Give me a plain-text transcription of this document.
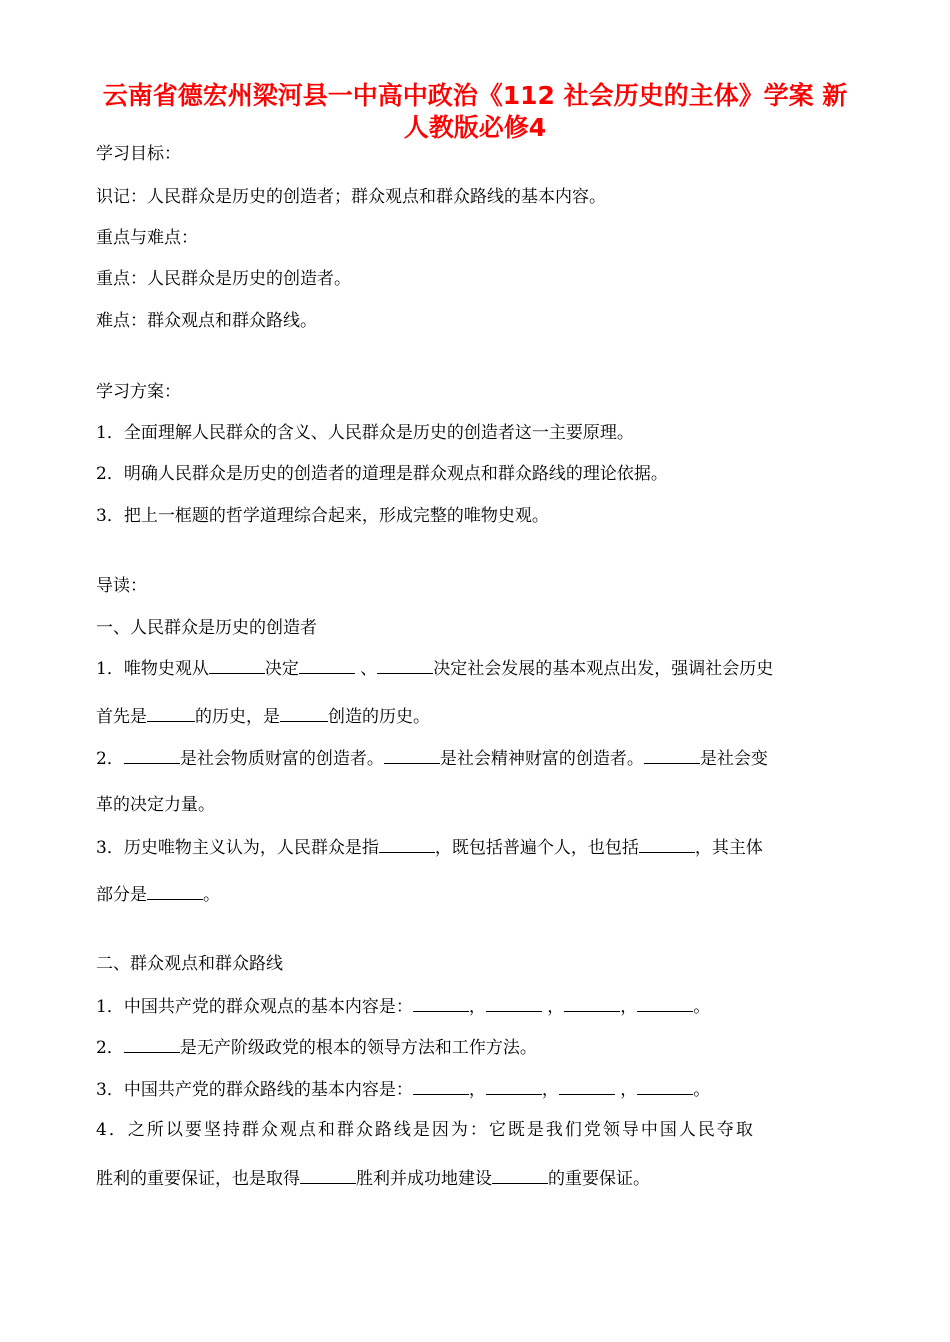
云南省德宏州梁河县一中高中政治《112 社会历史的主体》学案 新
人教版必修4

学习目标：

识记：人民群众是历史的创造者；群众观点和群众路线的基本内容。

重点与难点：

重点：人民群众是历史的创造者。

难点：群众观点和群众路线。

学习方案：

1．全面理解人民群众的含义、人民群众是历史的创造者这一主要原理。

2．明确人民群众是历史的创造者的道理是群众观点和群众路线的理论依据。

3．把上一框题的哲学道理综合起来，形成完整的唯物史观。

导读：

一、人民群众是历史的创造者

1．唯物史观从	决定	、	决定社会发展的基本观点出发，强调社会历史

首先是	的历史，是	创造的历史。

2．	是社会物质财富的创造者。	是社会精神财富的创造者。	是社会变

革的决定力量。

3．历史唯物主义认为，人民群众是指	，既包括普遍个人，也包括	，其主体

部分是	。

二、群众观点和群众路线

1．中国共产党的群众观点的基本内容是：	，	，	，	。

2．	是无产阶级政党的根本的领导方法和工作方法。

3．中国共产党的群众路线的基本内容是：	，	，	，	。

4．之所以要坚持群众观点和群众路线是因为：它既是我们党领导中国人民夺取

胜利的重要保证，也是取得	胜利并成功地建设	的重要保证。
